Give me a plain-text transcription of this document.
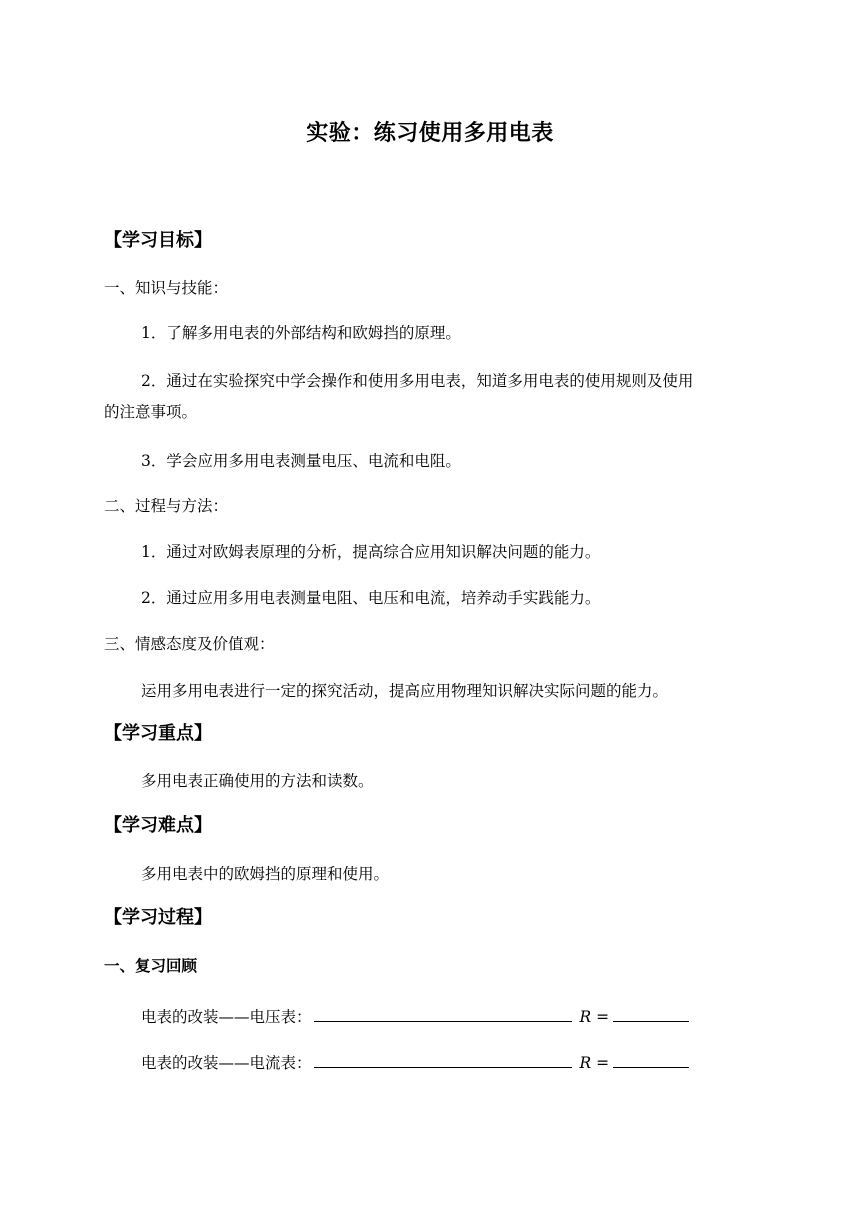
实验：练习使用多用电表
【学习目标】
一、知识与技能：
1．了解多用电表的外部结构和欧姆挡的原理。
2．通过在实验探究中学会操作和使用多用电表，知道多用电表的使用规则及使用
的注意事项。
3．学会应用多用电表测量电压、电流和电阻。
二、过程与方法：
1．通过对欧姆表原理的分析，提高综合应用知识解决问题的能力。
2．通过应用多用电表测量电阻、电压和电流，培养动手实践能力。
三、情感态度及价值观：
运用多用电表进行一定的探究活动，提高应用物理知识解决实际问题的能力。
【学习重点】
多用电表正确使用的方法和读数。
【学习难点】
多用电表中的欧姆挡的原理和使用。
【学习过程】
一、复习回顾
电表的改装——电压表：	R =
电表的改装——电流表：	R =
